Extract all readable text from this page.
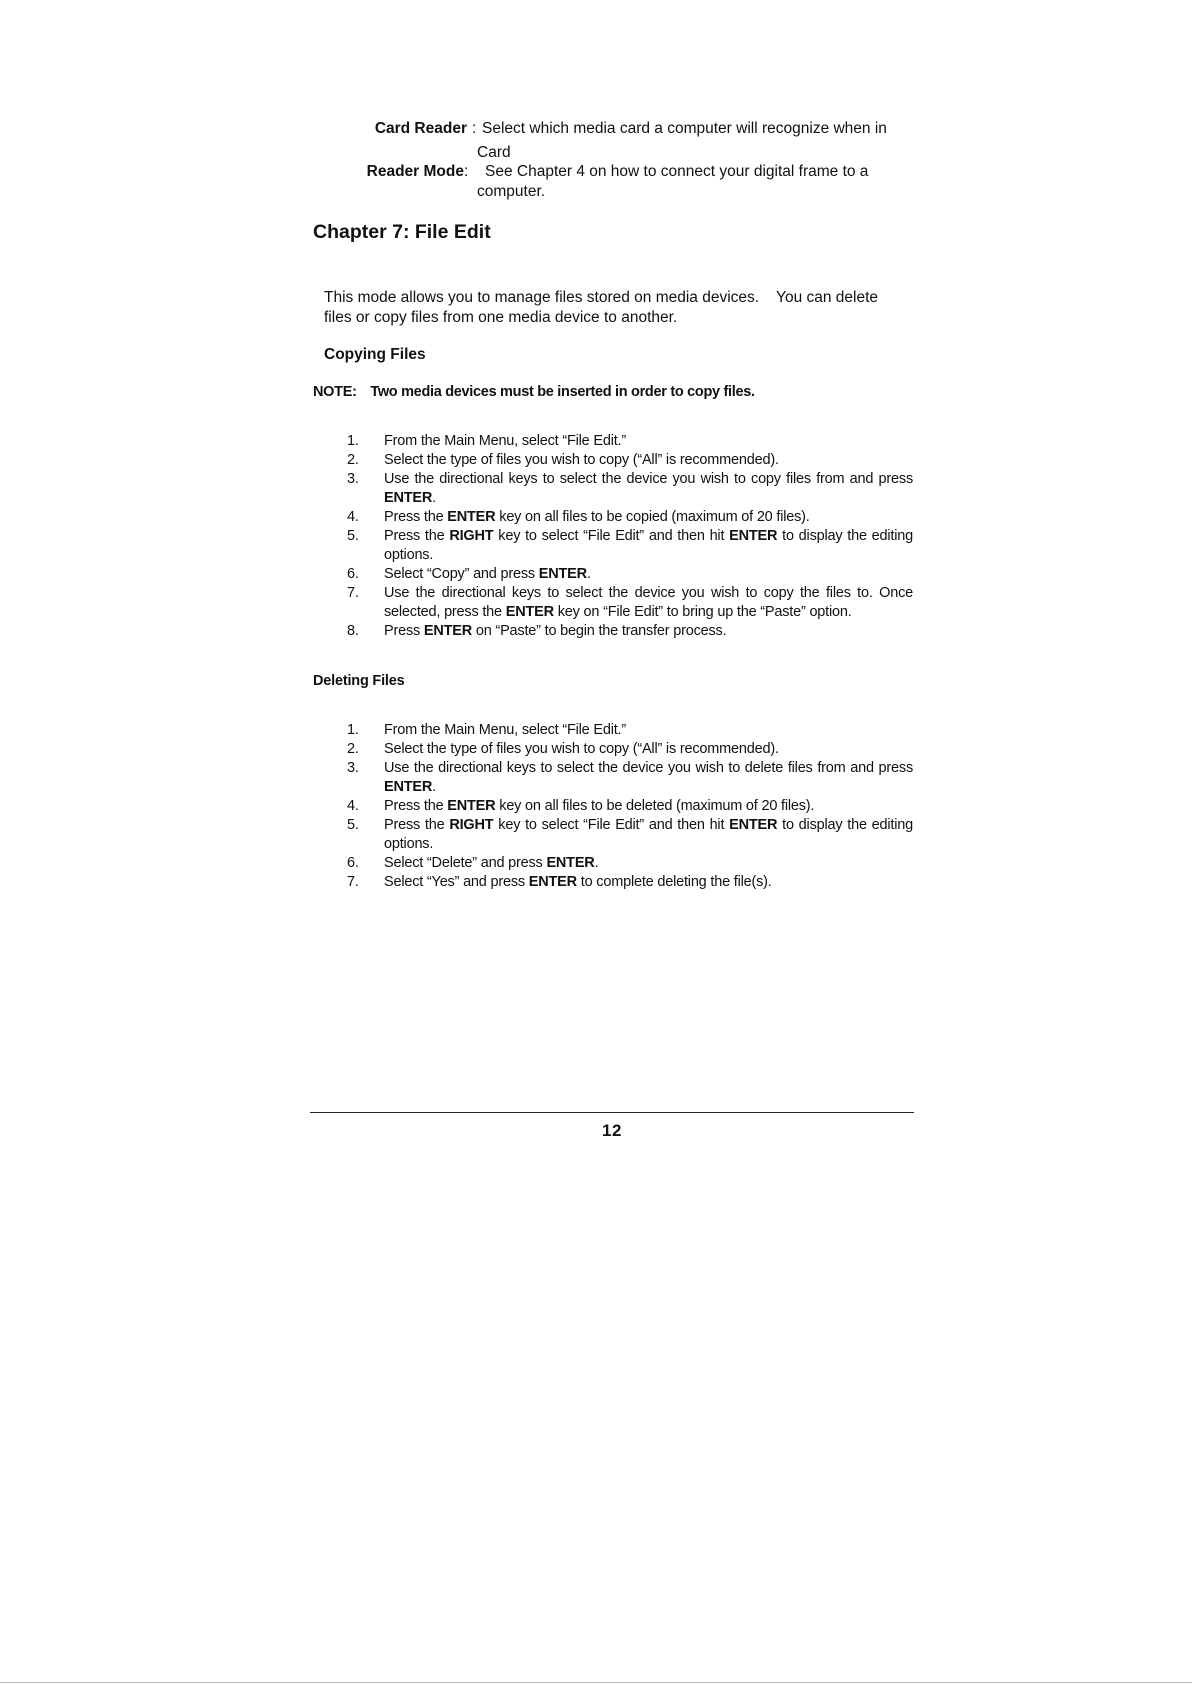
Card Reader : Select which media card a computer will recognize when in
Card
Reader Mode : See Chapter 4 on how to connect your digital frame to a
computer.
Chapter 7: File Edit
This mode allows you to manage files stored on media devices.    You can delete
files or copy files from one media device to another.
Copying Files
NOTE: Two media devices must be inserted in order to copy files.
1.	From the Main Menu, select “File Edit.”
2.	Select the type of files you wish to copy (“All” is recommended).
3.	Use the directional keys to select the device you wish to copy files from and press ENTER.
4.	Press the ENTER key on all files to be copied (maximum of 20 files).
5.	Press the RIGHT key to select “File Edit” and then hit ENTER to display the editing options.
6.	Select “Copy” and press ENTER.
7.	Use the directional keys to select the device you wish to copy the files to. Once selected, press the ENTER key on “File Edit” to bring up the “Paste” option.
8.	Press ENTER on “Paste” to begin the transfer process.
Deleting Files
1.	From the Main Menu, select “File Edit.”
2.	Select the type of files you wish to copy (“All” is recommended).
3.	Use the directional keys to select the device you wish to delete files from and press ENTER.
4.	Press the ENTER key on all files to be deleted (maximum of 20 files).
5.	Press the RIGHT key to select “File Edit” and then hit ENTER to display the editing options.
6.	Select “Delete” and press ENTER.
7.	Select “Yes” and press ENTER to complete deleting the file(s).
12
